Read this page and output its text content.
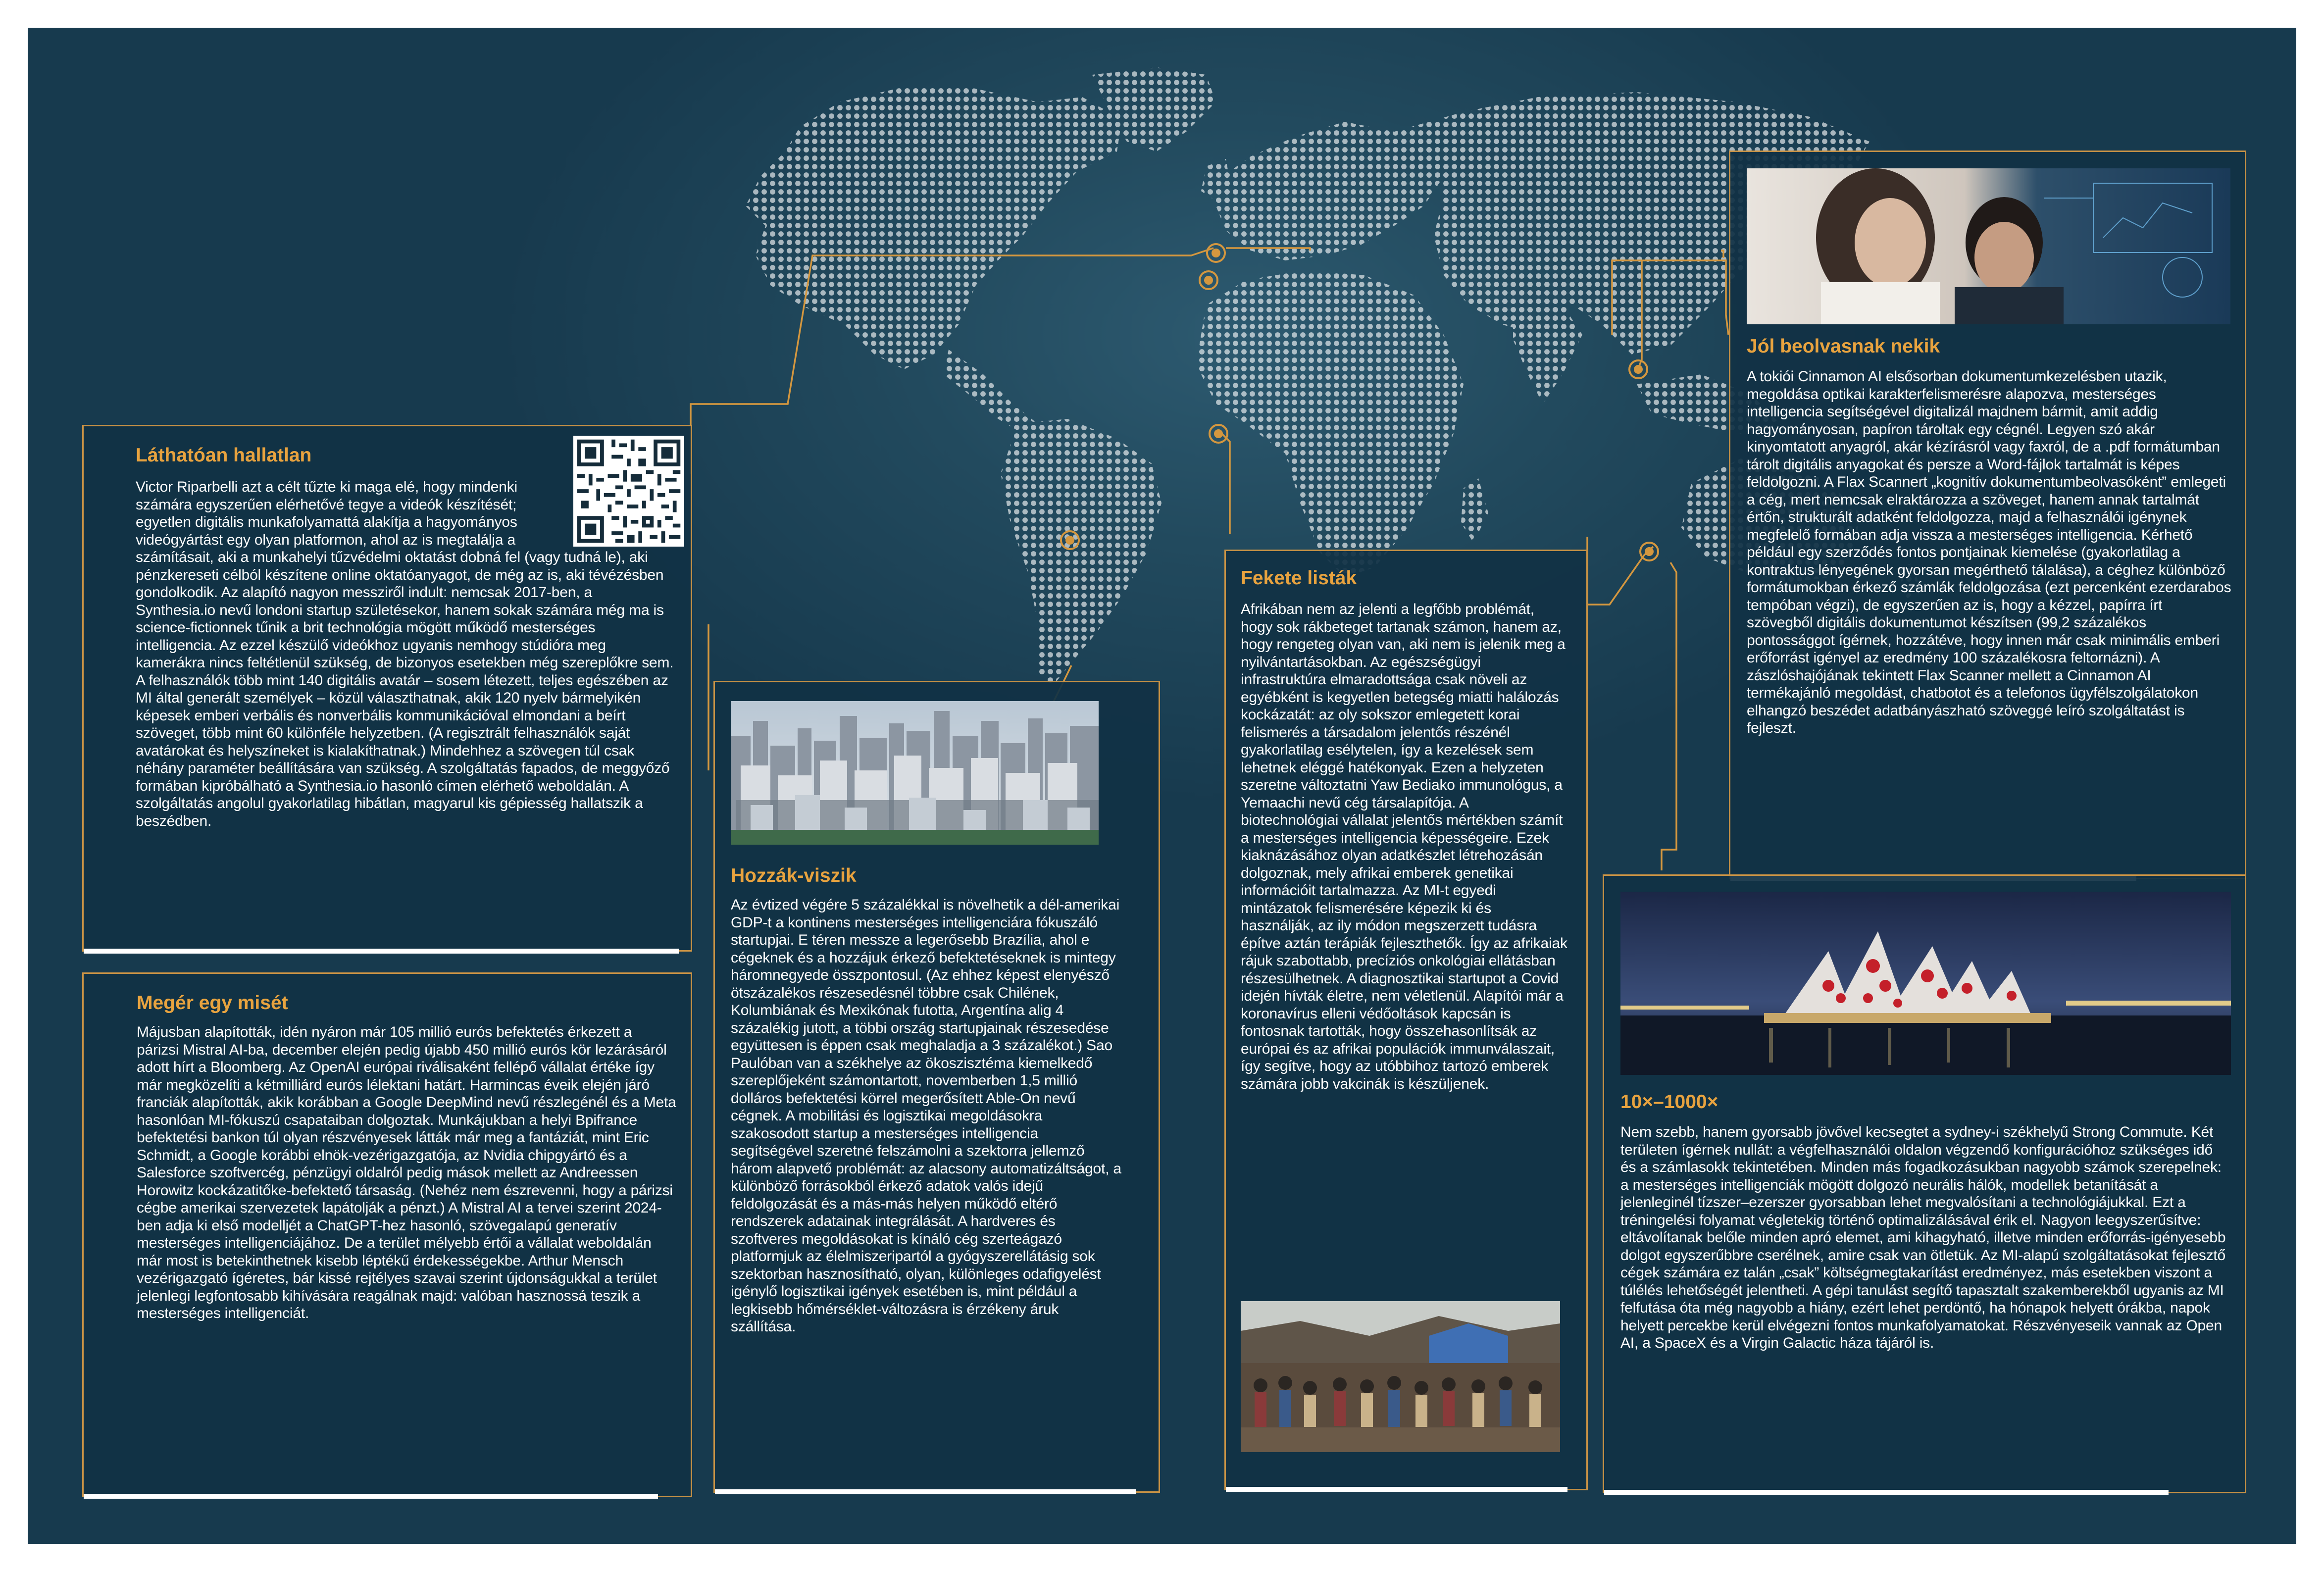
Láthatóan hallatlan

Victor Riparbelli azt a célt tűzte ki maga elé, hogy mindenki számára egyszerűen elérhetővé tegye a videók készítését; egyetlen digitális munkafolyamattá alakítja a hagyományos videógyártást egy olyan platformon, ahol az is megtalálja a számításait, aki a munkahelyi tűzvédelmi oktatást dobná fel (vagy tudná le), aki pénzkereseti célból készítene online oktatóanyagot, de még az is, aki tévézésben gondolkodik. Az alapító nagyon messziről indult: nemcsak 2017-ben, a Synthesia.io nevű londoni startup születésekor, hanem sokak számára még ma is science-fictionnek tűnik a brit technológia mögött működő mesterséges intelligencia. Az ezzel készülő videókhoz ugyanis nemhogy stúdióra meg kamerákra nincs feltétlenül szükség, de bizonyos esetekben még szereplőkre sem. A felhasználók több mint 140 digitális avatár – sosem létezett, teljes egészében az MI által generált személyek – közül választhatnak, akik 120 nyelv bármelyikén képesek emberi verbális és nonverbális kommunikációval elmondani a beírt szöveget, több mint 60 különféle helyzetben. (A regisztrált felhasználók saját avatárokat és helyszíneket is kialakíthatnak.) Mindehhez a szövegen túl csak néhány paraméter beállítására van szükség. A szolgáltatás fapados, de meggyőző formában kipróbálható a Synthesia.io hasonló címen elérhető weboldalán. A szolgáltatás angolul gyakorlatilag hibátlan, magyarul kis gépiesség hallatszik a beszédben.

Megér egy misét

Májusban alapították, idén nyáron már 105 millió eurós befektetés érkezett a párizsi Mistral AI-ba, december elején pedig újabb 450 millió eurós kör lezárásáról adott hírt a Bloomberg. Az OpenAI európai riválisaként fellépő vállalat értéke így már megközelíti a kétmilliárd eurós lélektani határt. Harmincas éveik elején járó franciák alapították, akik korábban a Google DeepMind nevű részlegénél és a Meta hasonlóan MI-fókuszú csapataiban dolgoztak. Munkájukban a helyi Bpifrance befektetési bankon túl olyan részvényesek látták már meg a fantáziát, mint Eric Schmidt, a Google korábbi elnök-vezérigazgatója, az Nvidia chipgyártó és a Salesforce szoftvercég, pénzügyi oldalról pedig mások mellett az Andreessen Horowitz kockázatitőke-befektető társaság. (Nehéz nem észrevenni, hogy a párizsi cégbe amerikai szervezetek lapátolják a pénzt.) A Mistral AI a tervei szerint 2024-ben adja ki első modelljét a ChatGPT-hez hasonló, szövegalapú generatív mesterséges intelligenciájához. De a terület mélyebb értői a vállalat weboldalán már most is betekinthetnek kisebb léptékű érdekességekbe. Arthur Mensch vezérigazgató ígéretes, bár kissé rejtélyes szavai szerint újdonságukkal a terület jelenlegi legfontosabb kihívására reagálnak majd: valóban hasznossá teszik a mesterséges intelligenciát.

Hozzák-viszik

Az évtized végére 5 százalékkal is növelhetik a dél-amerikai GDP-t a kontinens mesterséges intelligenciára fókuszáló startupjai. E téren messze a legerősebb Brazília, ahol e cégeknek és a hozzájuk érkező befektetéseknek is mintegy háromnegyede összpontosul. (Az ehhez képest elenyésző ötszázalékos részesedésnél többre csak Chilének, Kolumbiának és Mexikónak futotta, Argentína alig 4 százalékig jutott, a többi ország startupjainak részesedése együttesen is éppen csak meghaladja a 3 százalékot.) Sao Paulóban van a székhelye az ökoszisztéma kiemelkedő szereplőjeként számontartott, novemberben 1,5 millió dolláros befektetési körrel megerősített Able-On nevű cégnek. A mobilitási és logisztikai megoldásokra szakosodott startup a mesterséges intelligencia segítségével szeretné felszámolni a szektorra jellemző három alapvető problémát: az alacsony automatizáltságot, a különböző forrásokból érkező adatok valós idejű feldolgozását és a más-más helyen működő eltérő rendszerek adatainak integrálását. A hardveres és szoftveres megoldásokat is kínáló cég szerteágazó platformjuk az élelmiszeripartól a gyógyszerellátásig sok szektorban hasznosítható, olyan, különleges odafigyelést igénylő logisztikai igények esetében is, mint például a legkisebb hőmérséklet-változásra is érzékeny áruk szállítása.

Fekete listák

Afrikában nem az jelenti a legfőbb problémát, hogy sok rákbeteget tartanak számon, hanem az, hogy rengeteg olyan van, aki nem is jelenik meg a nyilvántartásokban. Az egészségügyi infrastruktúra elmaradottsága csak növeli az egyébként is kegyetlen betegség miatti halálozás kockázatát: az oly sokszor emlegetett korai felismerés a társadalom jelentős részénél gyakorlatilag esélytelen, így a kezelések sem lehetnek eléggé hatékonyak. Ezen a helyzeten szeretne változtatni Yaw Bediako immunológus, a Yemaachi nevű cég társalapítója. A biotechnológiai vállalat jelentős mértékben számít a mesterséges intelligencia képességeire. Ezek kiaknázásához olyan adatkészlet létrehozásán dolgoznak, mely afrikai emberek genetikai információit tartalmazza. Az MI-t egyedi mintázatok felismerésére képezik ki és használják, az ily módon megszerzett tudásra építve aztán terápiák fejleszthetők. Így az afrikaiak rájuk szabottabb, precíziós onkológiai ellátásban részesülhetnek. A diagnosztikai startupot a Covid idején hívták életre, nem véletlenül. Alapítói már a koronavírus elleni védőoltások kapcsán is fontosnak tartották, hogy összehasonlítsák az európai és az afrikai populációk immunválaszait, így segítve, hogy az utóbbihoz tartozó emberek számára jobb vakcinák is készüljenek.

Jól beolvasnak nekik

A tokiói Cinnamon AI elsősorban dokumentumkezelésben utazik, megoldása optikai karakterfelismerésre alapozva, mesterséges intelligencia segítségével digitalizál majdnem bármit, amit addig hagyományosan, papíron tároltak egy cégnél. Legyen szó akár kinyomtatott anyagról, akár kézírásról vagy faxról, de a .pdf formátumban tárolt digitális anyagokat és persze a Word-fájlok tartalmát is képes feldolgozni. A Flax Scannert „kognitív dokumentumbeolvasóként” emlegeti a cég, mert nemcsak elraktározza a szöveget, hanem annak tartalmát értőn, strukturált adatként feldolgozza, majd a felhasználói igénynek megfelelő formában adja vissza a mesterséges intelligencia. Kérhető például egy szerződés fontos pontjainak kiemelése (gyakorlatilag a kontraktus lényegének gyorsan megérthető tálalása), a céghez különböző formátumokban érkező számlák feldolgozása (ezt percenként ezerdarabos tempóban végzi), de egyszerűen az is, hogy a kézzel, papírra írt szövegből digitális dokumentumot készítsen (99,2 százalékos pontossággot ígérnek, hozzátéve, hogy innen már csak minimális emberi erőforrást igényel az eredmény 100 százalékosra feltornázni). A zászlóshajójának tekintett Flax Scanner mellett a Cinnamon AI termékajánló megoldást, chatbotot és a telefonos ügyfélszolgálatokon elhangzó beszédet adatbányászható szöveggé leíró szolgáltatást is fejleszt.

10×–1000×

Nem szebb, hanem gyorsabb jövővel kecsegtet a sydney-i székhelyű Strong Commute. Két területen ígérnek nullát: a végfelhasználói oldalon végzendő konfigurációhoz szükséges idő és a számlasokk tekintetében. Minden más fogadkozásukban nagyobb számok szerepelnek: a mesterséges intelligenciák mögött dolgozó neurális hálók, modellek betanítását a jelenleginél tízszer–ezerszer gyorsabban lehet megvalósítani a technológiájukkal. Ezt a tréningelési folyamat végletekig történő optimalizálásával érik el. Nagyon leegyszerűsítve: eltávolítanak belőle minden apró elemet, ami kihagyható, illetve minden erőforrás-igényesebb dolgot egyszerűbbre cserélnek, amire csak van ötletük. Az MI-alapú szolgáltatásokat fejlesztő cégek számára ez talán „csak” költségmegtakarítást eredményez, más esetekben viszont a túlélés lehetőségét jelentheti. A gépi tanulást segítő tapasztalt szakemberekből ugyanis az MI felfutása óta még nagyobb a hiány, ezért lehet perdöntő, ha hónapok helyett órákba, napok helyett percekbe kerül elvégezni fontos munkafolyamatokat. Részvényeseik vannak az Open AI, a SpaceX és a Virgin Galactic háza tájáról is.
